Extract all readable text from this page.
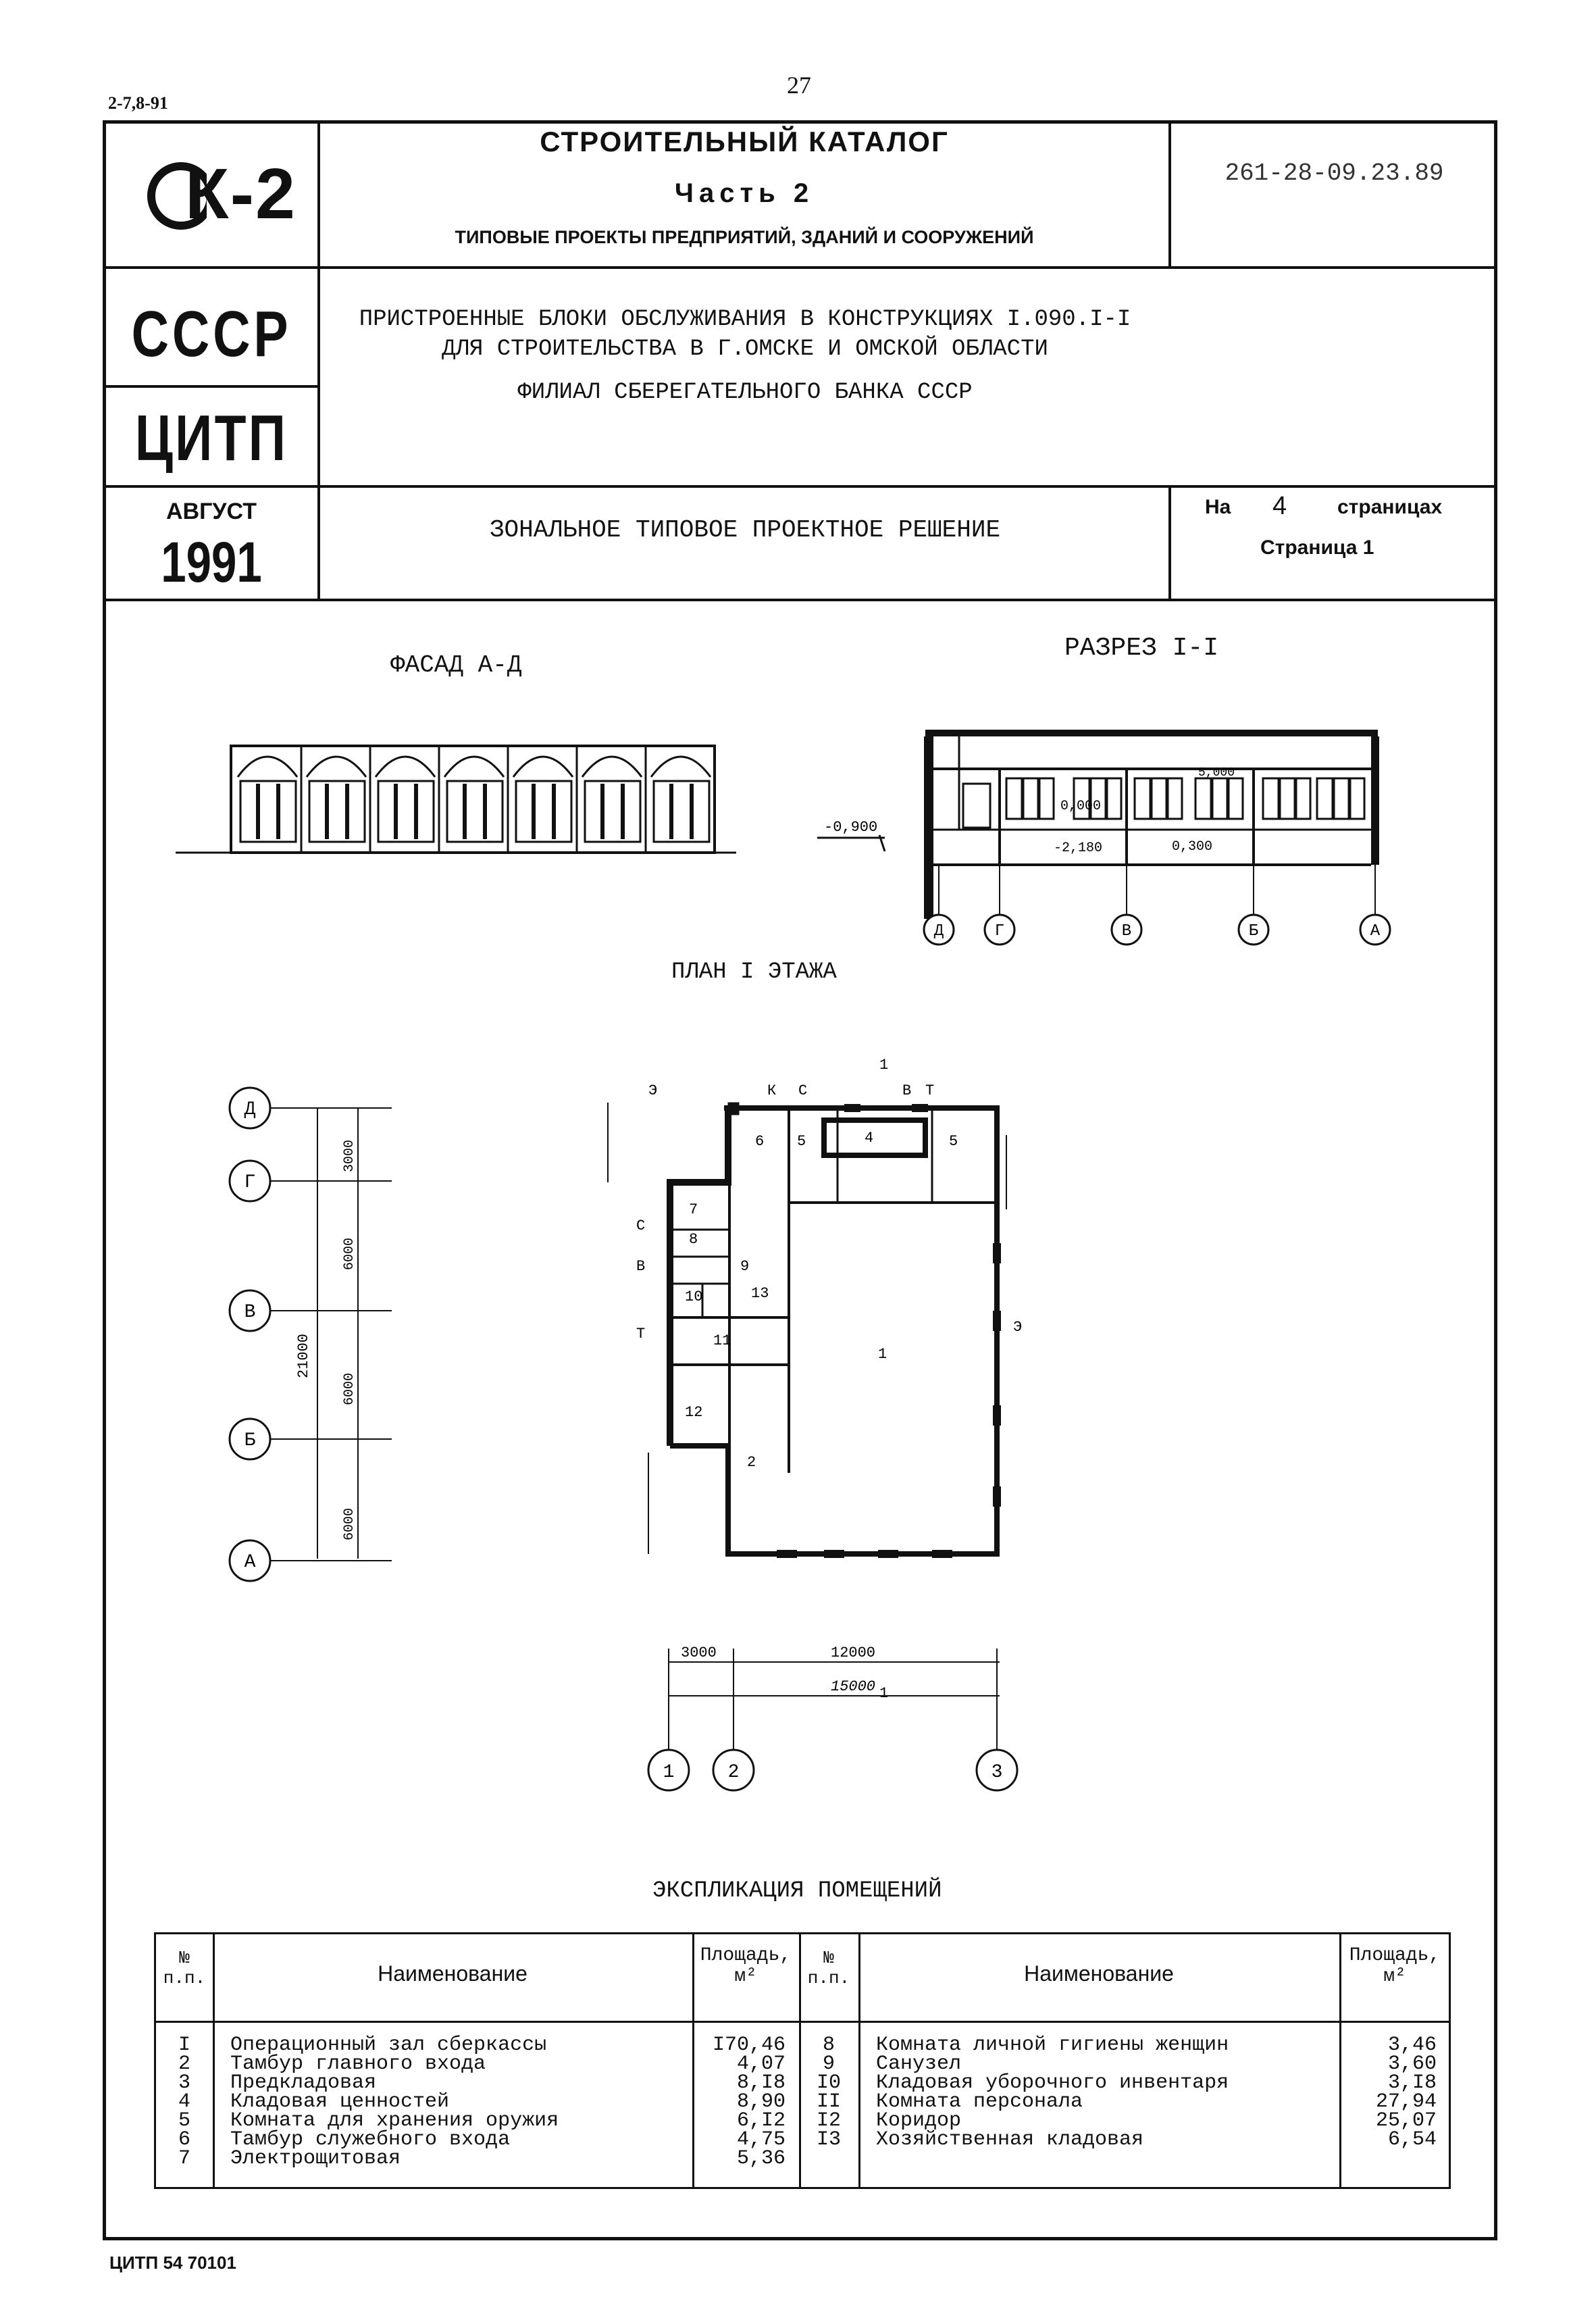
27
2-7,8-91
К-2
СТРОИТЕЛЬНЫЙ КАТАЛОГ
Часть 2
ТИПОВЫЕ ПРОЕКТЫ ПРЕДПРИЯТИЙ, ЗДАНИЙ И СООРУЖЕНИЙ
261-28-09.23.89
СССР
ЦИТП
ПРИСТРОЕННЫЕ БЛОКИ ОБСЛУЖИВАНИЯ В КОНСТРУКЦИЯХ I.090.I-I
ДЛЯ СТРОИТЕЛЬСТВА В Г.ОМСКЕ И ОМСКОЙ ОБЛАСТИ
ФИЛИАЛ СБЕРЕГАТЕЛЬНОГО БАНКА СССР
АВГУСТ
1991
ЗОНАЛЬНОЕ ТИПОВОЕ ПРОЕКТНОЕ РЕШЕНИЕ
На 4 страницах
Страница 1
ФАСАД А-Д
РАЗРЕЗ I-I
ПЛАН I ЭТАЖА
-0,900
0,000
-2,180	0,300
5,000
Д	Г	В	Б	А
Д
Г
В
Б
А
21000
3000
6000
6000
6000
1
2
4	5
5
6
7
8
9
10
11
12
13
Э	К С	В Т
С
В
Т	Э
1
1
3000	12000
15000
1	2	3
ЭКСПЛИКАЦИЯ ПОМЕЩЕНИЙ
№ п.п.	Наименование
Площадь, м²
№ п.п.	Наименование
Площадь, м²
I	Операционный зал сберкассы	I70,46
2	Тамбур главного входа	4,07
3	Предкладовая	8,I8
4	Кладовая ценностей	8,90
5	Комната для хранения оружия	6,I2
6	Тамбур служебного входа	4,75
7	Электрощитовая	5,36
8	Комната личной гигиены женщин	3,46
9	Санузел	3,60
I0	Кладовая уборочного инвентаря	3,I8
II	Комната персонала	27,94
I2	Коридор	25,07
I3	Хозяйственная кладовая	6,54
ЦИТП 54 70101
